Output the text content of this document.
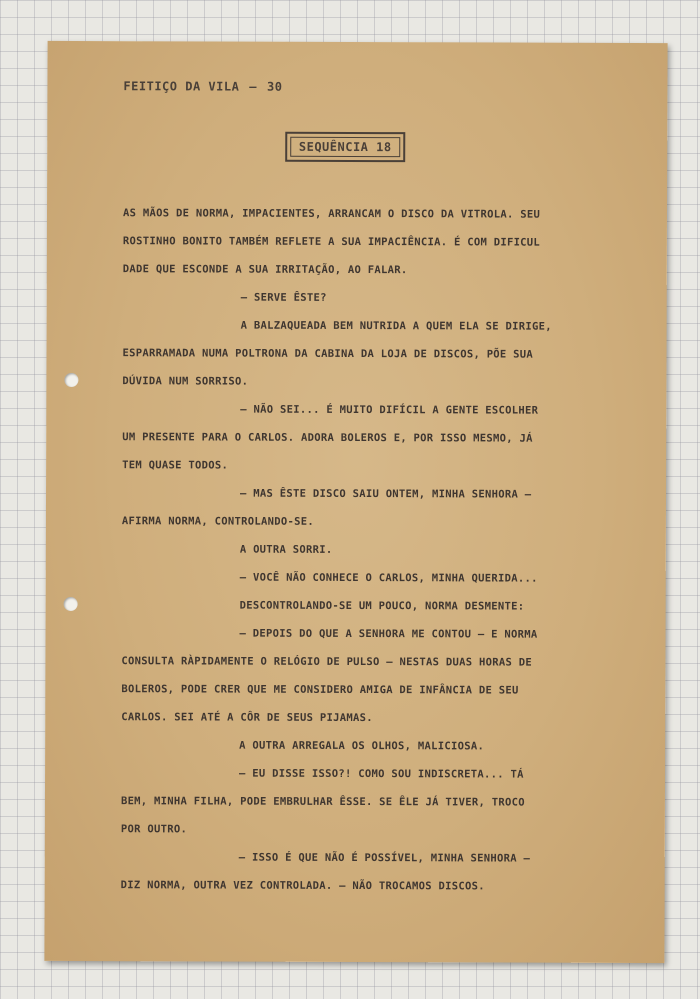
FEITIÇO DA VILA — 30
SEQUÊNCIA 18
AS MÃOS DE NORMA, IMPACIENTES, ARRANCAM O DISCO DA VITROLA. SEU
ROSTINHO BONITO TAMBÉM REFLETE A SUA IMPACIÊNCIA. É COM DIFICUL
DADE QUE ESCONDE A SUA IRRITAÇÃO, AO FALAR.
— SERVE ÊSTE?
A BALZAQUEADA BEM NUTRIDA A QUEM ELA SE DIRIGE,
ESPARRAMADA NUMA POLTRONA DA CABINA DA LOJA DE DISCOS, PÕE SUA
DÚVIDA NUM SORRISO.
— NÃO SEI... É MUITO DIFÍCIL A GENTE ESCOLHER
UM PRESENTE PARA O CARLOS. ADORA BOLEROS E, POR ISSO MESMO, JÁ
TEM QUASE TODOS.
— MAS ÊSTE DISCO SAIU ONTEM, MINHA SENHORA —
AFIRMA NORMA, CONTROLANDO-SE.
A OUTRA SORRI.
— VOCÊ NÃO CONHECE O CARLOS, MINHA QUERIDA...
DESCONTROLANDO-SE UM POUCO, NORMA DESMENTE:
— DEPOIS DO QUE A SENHORA ME CONTOU — E NORMA
CONSULTA RÀPIDAMENTE O RELÓGIO DE PULSO — NESTAS DUAS HORAS DE
BOLEROS, PODE CRER QUE ME CONSIDERO AMIGA DE INFÂNCIA DE SEU
CARLOS. SEI ATÉ A CÔR DE SEUS PIJAMAS.
A OUTRA ARREGALA OS OLHOS, MALICIOSA.
— EU DISSE ISSO?! COMO SOU INDISCRETA... TÁ
BEM, MINHA FILHA, PODE EMBRULHAR ÊSSE. SE ÊLE JÁ TIVER, TROCO
POR OUTRO.
— ISSO É QUE NÃO É POSSÍVEL, MINHA SENHORA —
DIZ NORMA, OUTRA VEZ CONTROLADA. — NÃO TROCAMOS DISCOS.
